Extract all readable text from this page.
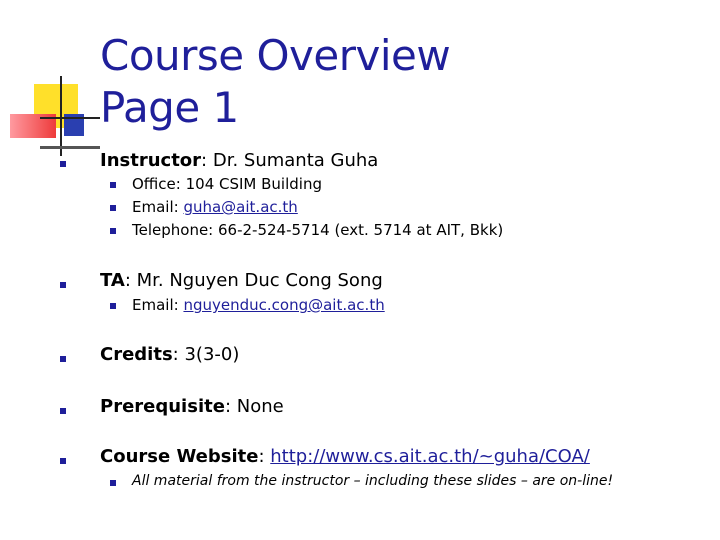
Course Overview
Page 1
Instructor: Dr. Sumanta Guha
Office: 104 CSIM Building
Email: guha@ait.ac.th
Telephone: 66-2-524-5714 (ext. 5714 at AIT, Bkk)
TA: Mr. Nguyen Duc Cong Song
Email: nguyenduc.cong@ait.ac.th
Credits: 3(3-0)
Prerequisite: None
Course Website: http://www.cs.ait.ac.th/~guha/COA/
All material from the instructor – including these slides – are on-line!
